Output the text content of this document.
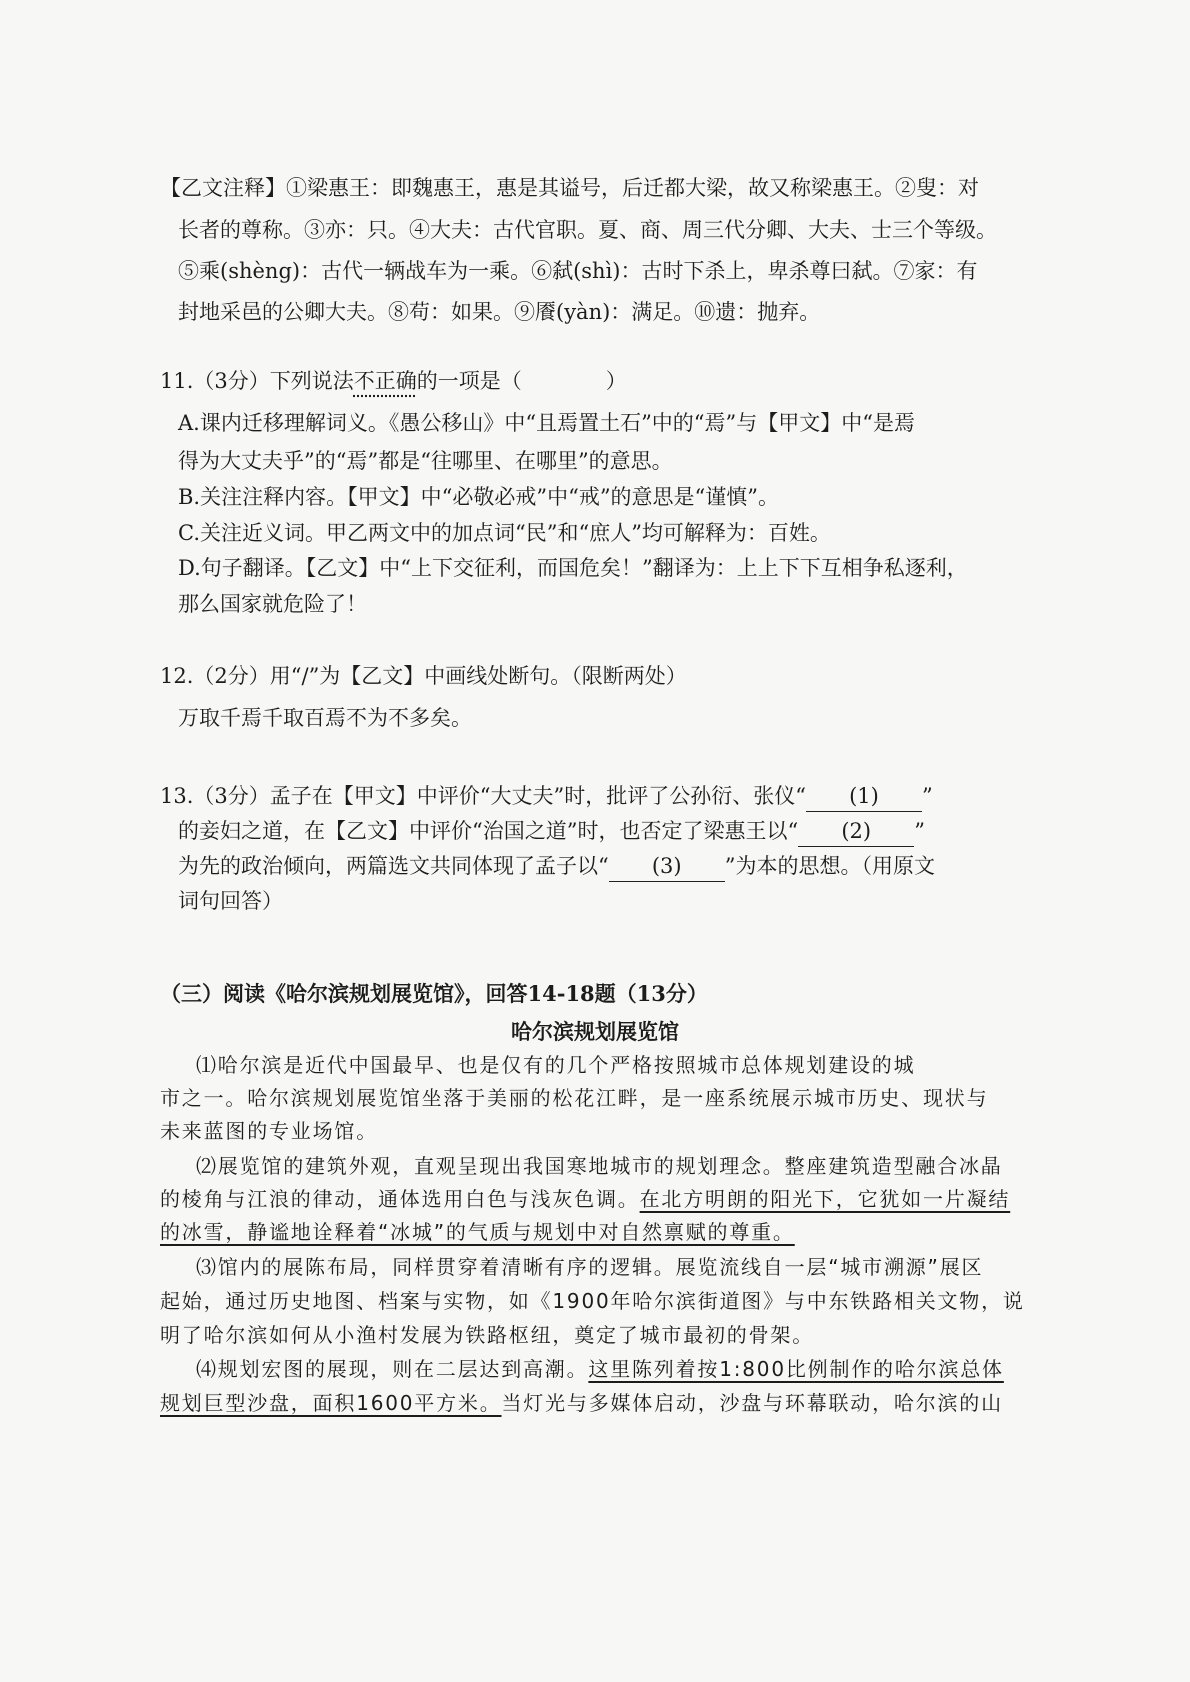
【乙文注释】①梁惠王：即魏惠王，惠是其谥号，后迁都大梁，故又称梁惠王。②叟：对
长者的尊称。③亦：只。④大夫：古代官职。夏、商、周三代分卿、大夫、士三个等级。
⑤乘(shèng)：古代一辆战车为一乘。⑥弑(shì)：古时下杀上，卑杀尊曰弑。⑦家：有
封地采邑的公卿大夫。⑧苟：如果。⑨餍(yàn)：满足。⑩遗：抛弃。
11.（3分）下列说法不正确的一项是（　　　　）
A.课内迁移理解词义。《愚公移山》中“且焉置土石”中的“焉”与【甲文】中“是焉
得为大丈夫乎”的“焉”都是“往哪里、在哪里”的意思。
B.关注注释内容。【甲文】中“必敬必戒”中“戒”的意思是“谨慎”。
C.关注近义词。甲乙两文中的加点词“民”和“庶人”均可解释为：百姓。
D.句子翻译。【乙文】中“上下交征利，而国危矣！”翻译为：上上下下互相争私逐利，
那么国家就危险了！
12.（2分）用“/”为【乙文】中画线处断句。（限断两处）
万取千焉千取百焉不为不多矣。
13.（3分）孟子在【甲文】中评价“大丈夫”时，批评了公孙衍、张仪“ (1) ”
的妾妇之道，在【乙文】中评价“治国之道”时，也否定了梁惠王以“ (2) ”
为先的政治倾向，两篇选文共同体现了孟子以“ (3) ”为本的思想。（用原文
词句回答）
（三）阅读《哈尔滨规划展览馆》，回答14-18题（13分）
哈尔滨规划展览馆
⑴哈尔滨是近代中国最早、也是仅有的几个严格按照城市总体规划建设的城
市之一。哈尔滨规划展览馆坐落于美丽的松花江畔，是一座系统展示城市历史、现状与
未来蓝图的专业场馆。
⑵展览馆的建筑外观，直观呈现出我国寒地城市的规划理念。整座建筑造型融合冰晶
的棱角与江浪的律动，通体选用白色与浅灰色调。在北方明朗的阳光下，它犹如一片凝结
的冰雪，静谧地诠释着“冰城”的气质与规划中对自然禀赋的尊重。
⑶馆内的展陈布局，同样贯穿着清晰有序的逻辑。展览流线自一层“城市溯源”展区
起始，通过历史地图、档案与实物，如《1900年哈尔滨街道图》与中东铁路相关文物，说
明了哈尔滨如何从小渔村发展为铁路枢纽，奠定了城市最初的骨架。
⑷规划宏图的展现，则在二层达到高潮。这里陈列着按1:800比例制作的哈尔滨总体
规划巨型沙盘，面积1600平方米。当灯光与多媒体启动，沙盘与环幕联动，哈尔滨的山
